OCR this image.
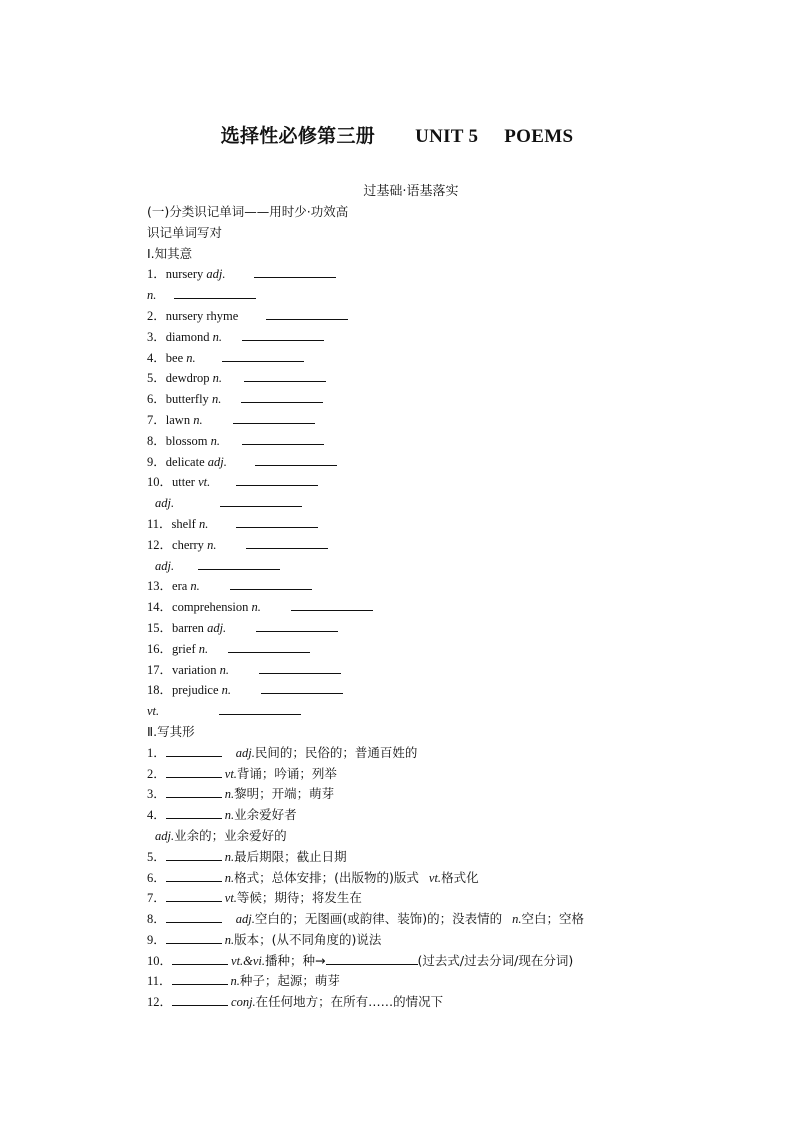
选择性必修第三册 UNIT 5 POEMS
过基础·语基落实
(一)分类识记单词——用时少·功效高
识记单词写对
Ⅰ.知其意
1．nursery adj.
n.
2．nursery rhyme
3．diamond n.
4．bee n.
5．dewdrop n.
6．butterfly n.
7．lawn n.
8．blossom n.
9．delicate adj.
10．utter vt.
adj.
11．shelf n.
12．cherry n.
adj.
13．era n.
14．comprehension n.
15．barren adj.
16．grief n.
17．variation n.
18．prejudice n.
vt.
Ⅱ.写其形
1．	adj.民间的；民俗的；普通百姓的
2．	vt.背诵；吟诵；列举
3．	n.黎明；开端；萌芽
4．	n.业余爱好者
adj.业余的；业余爱好的
5．	n.最后期限；截止日期
6．	n.格式；总体安排；(出版物的)版式 vt.格式化
7．	vt.等候；期待；将发生在
8．	adj.空白的；无图画(或韵律、装饰)的；没表情的 n.空白；空格
9．	n.版本；(从不同角度的)说法
10．	vt.&vi.播种；种→	(过去式/过去分词/现在分词)
11．	n.种子；起源；萌芽
12．	conj.在任何地方；在所有……的情况下
